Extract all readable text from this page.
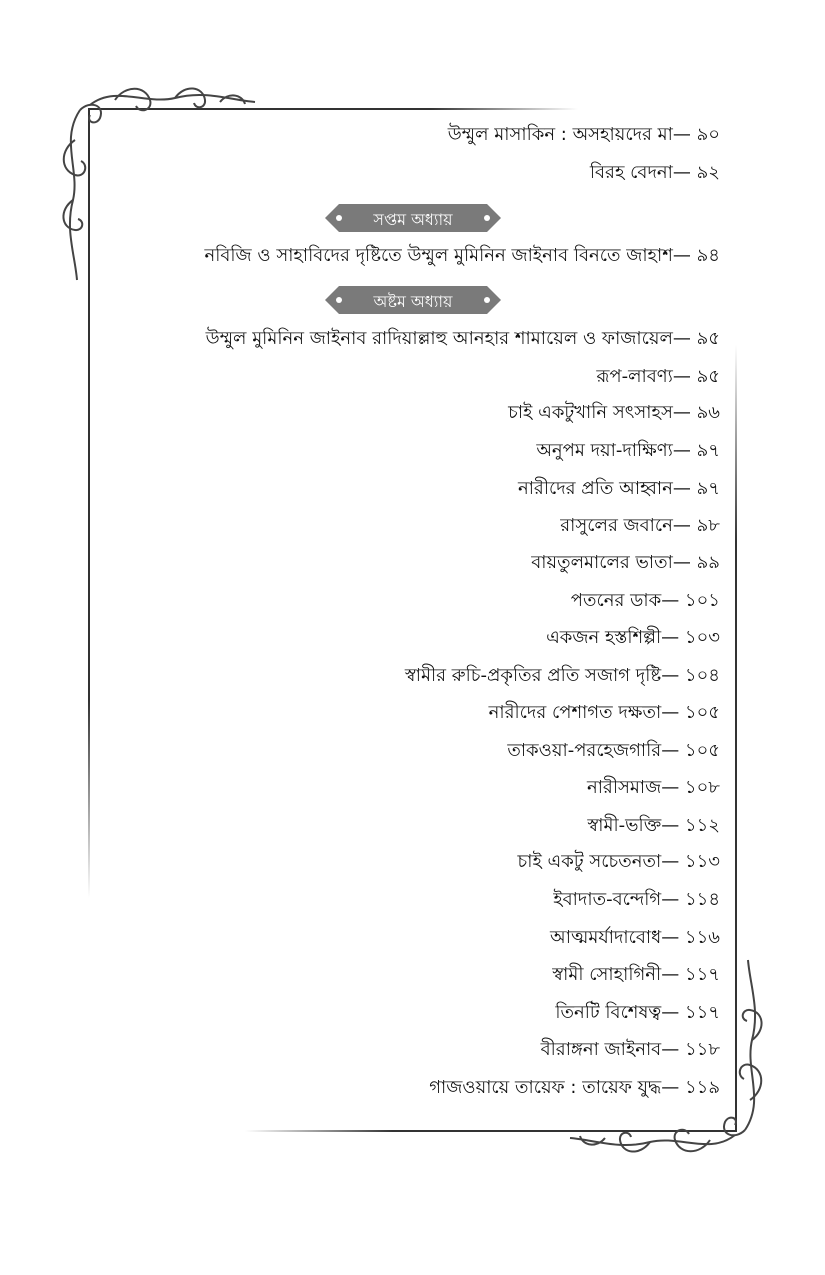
উম্মুল মাসাকিন : অসহায়দের মা— ৯০
বিরহ বেদনা— ৯২
সপ্তম অধ্যায়
নবিজি ও সাহাবিদের দৃষ্টিতে উম্মুল মুমিনিন জাইনাব বিনতে জাহাশ— ৯৪
অষ্টম অধ্যায়
উম্মুল মুমিনিন জাইনাব রাদিয়াল্লাহু আনহার শামায়েল ও ফাজায়েল— ৯৫
রূপ-লাবণ্য— ৯৫
চাই একটুখানি সৎসাহস— ৯৬
অনুপম দয়া-দাক্ষিণ্য— ৯৭
নারীদের প্রতি আহ্বান— ৯৭
রাসুলের জবানে— ৯৮
বায়তুলমালের ভাতা— ৯৯
পতনের ডাক— ১০১
একজন হস্তশিল্পী— ১০৩
স্বামীর রুচি-প্রকৃতির প্রতি সজাগ দৃষ্টি— ১০৪
নারীদের পেশাগত দক্ষতা— ১০৫
তাকওয়া-পরহেজগারি— ১০৫
নারীসমাজ— ১০৮
স্বামী-ভক্তি— ১১২
চাই একটু সচেতনতা— ১১৩
ইবাদাত-বন্দেগি— ১১৪
আত্মমর্যাদাবোধ— ১১৬
স্বামী সোহাগিনী— ১১৭
তিনটি বিশেষত্ব— ১১৭
বীরাঙ্গনা জাইনাব— ১১৮
গাজওয়ায়ে তায়েফ : তায়েফ যুদ্ধ— ১১৯
